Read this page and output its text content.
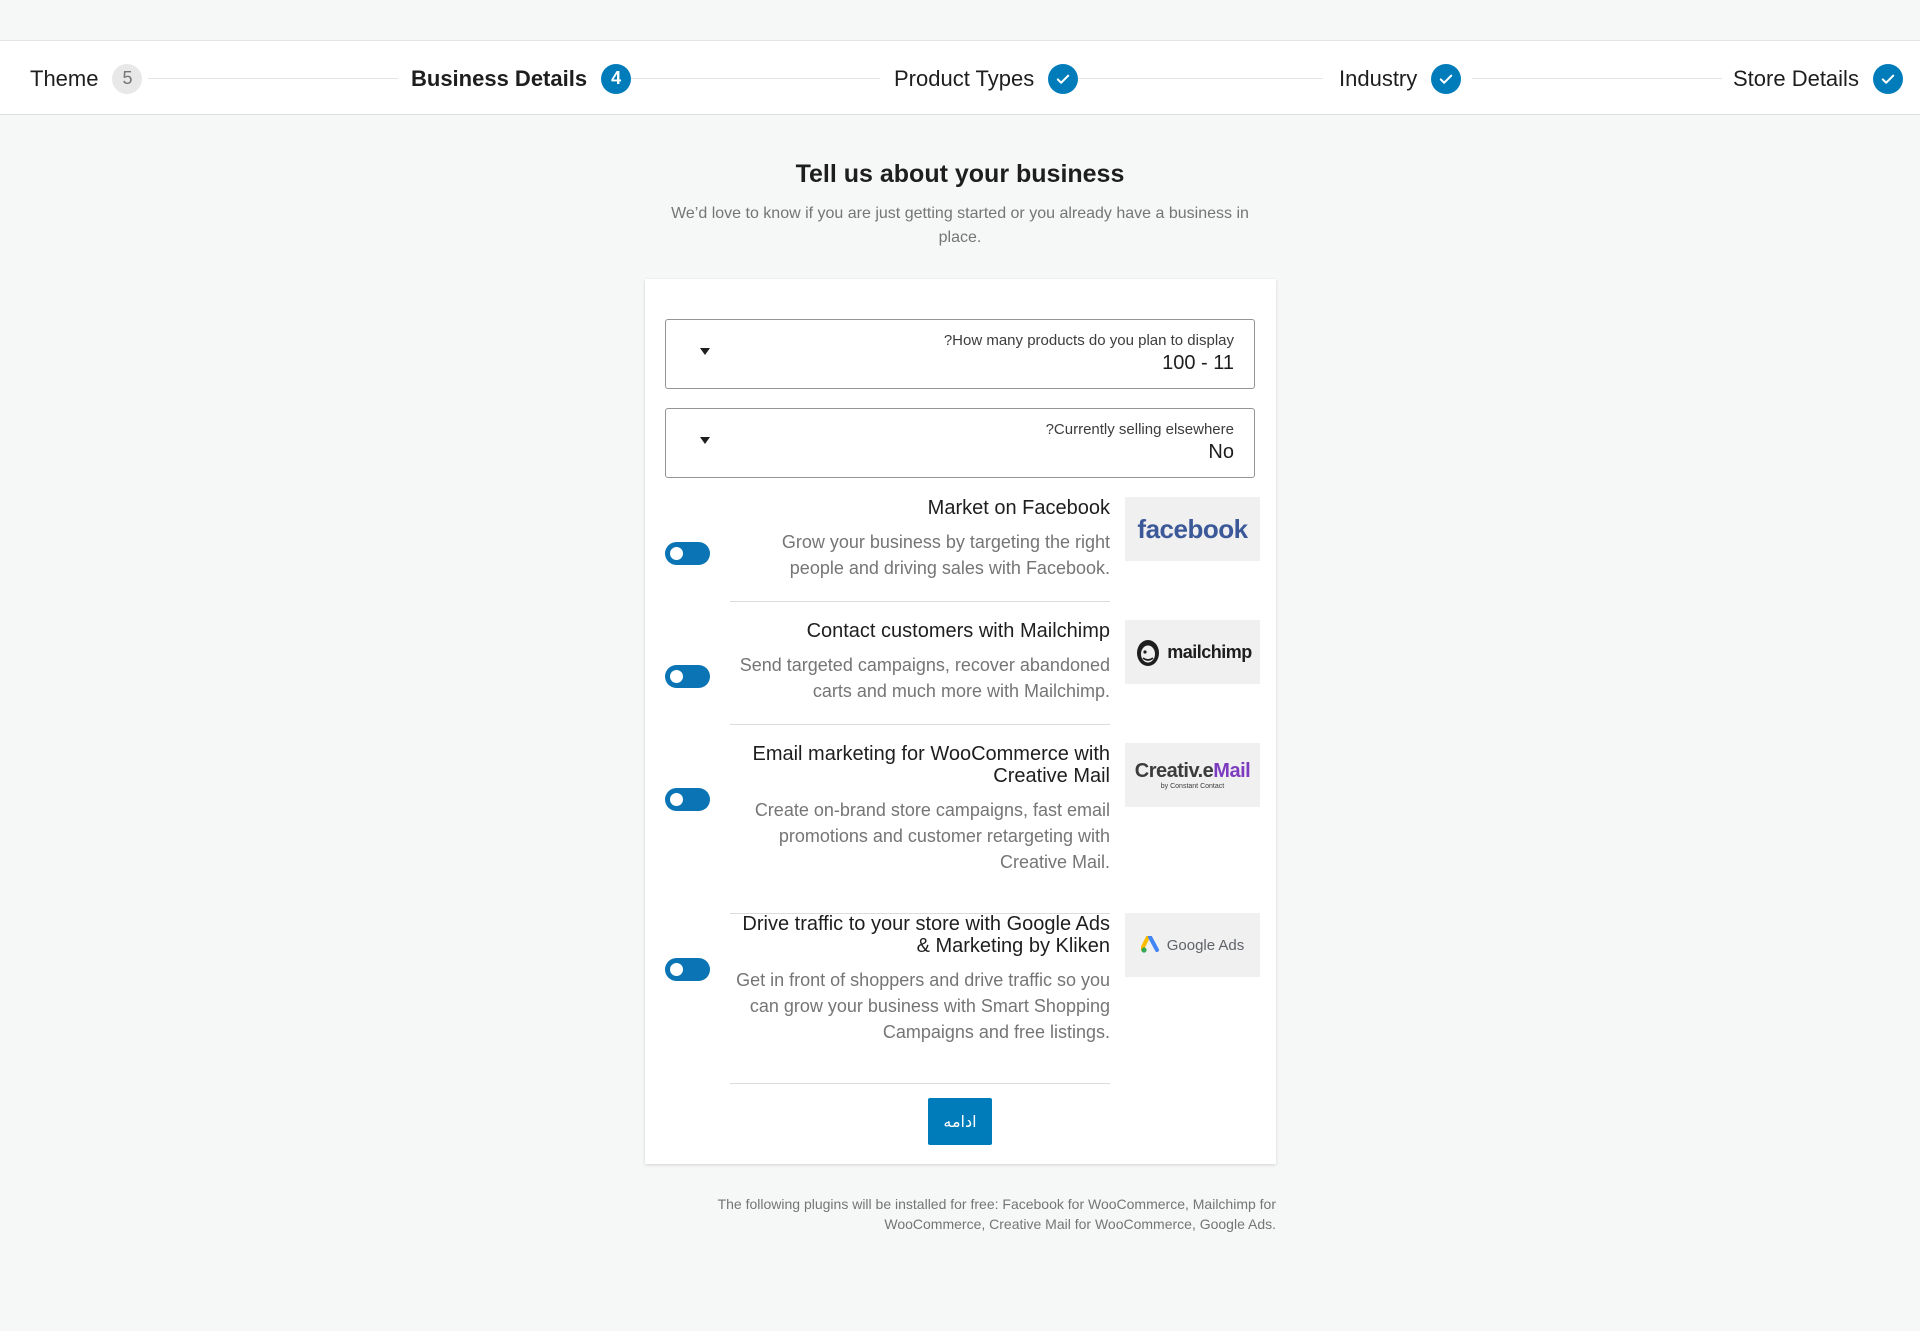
Theme	5	Business Details	4	Product Types	Industry	Store Details
Tell us about your business

We’d love to know if you are just getting started or you already have a business in place.

?How many products do you plan to display
100 - 11
?Currently selling elsewhere
No
Market on Facebook
Grow your business by targeting the right people and driving sales with Facebook.
facebook
Contact customers with Mailchimp
Send targeted campaigns, recover abandoned carts and much more with Mailchimp.
mailchimp
Email marketing for WooCommerce with Creative Mail
Create on-brand store campaigns, fast email promotions and customer retargeting with Creative Mail.
Creativ.eMail
by Constant Contact
Drive traffic to your store with Google Ads & Marketing by Kliken
Get in front of shoppers and drive traffic so you can grow your business with Smart Shopping Campaigns and free listings.
Google Ads
ادامه

The following plugins will be installed for free: Facebook for WooCommerce, Mailchimp for WooCommerce, Creative Mail for WooCommerce, Google Ads.
